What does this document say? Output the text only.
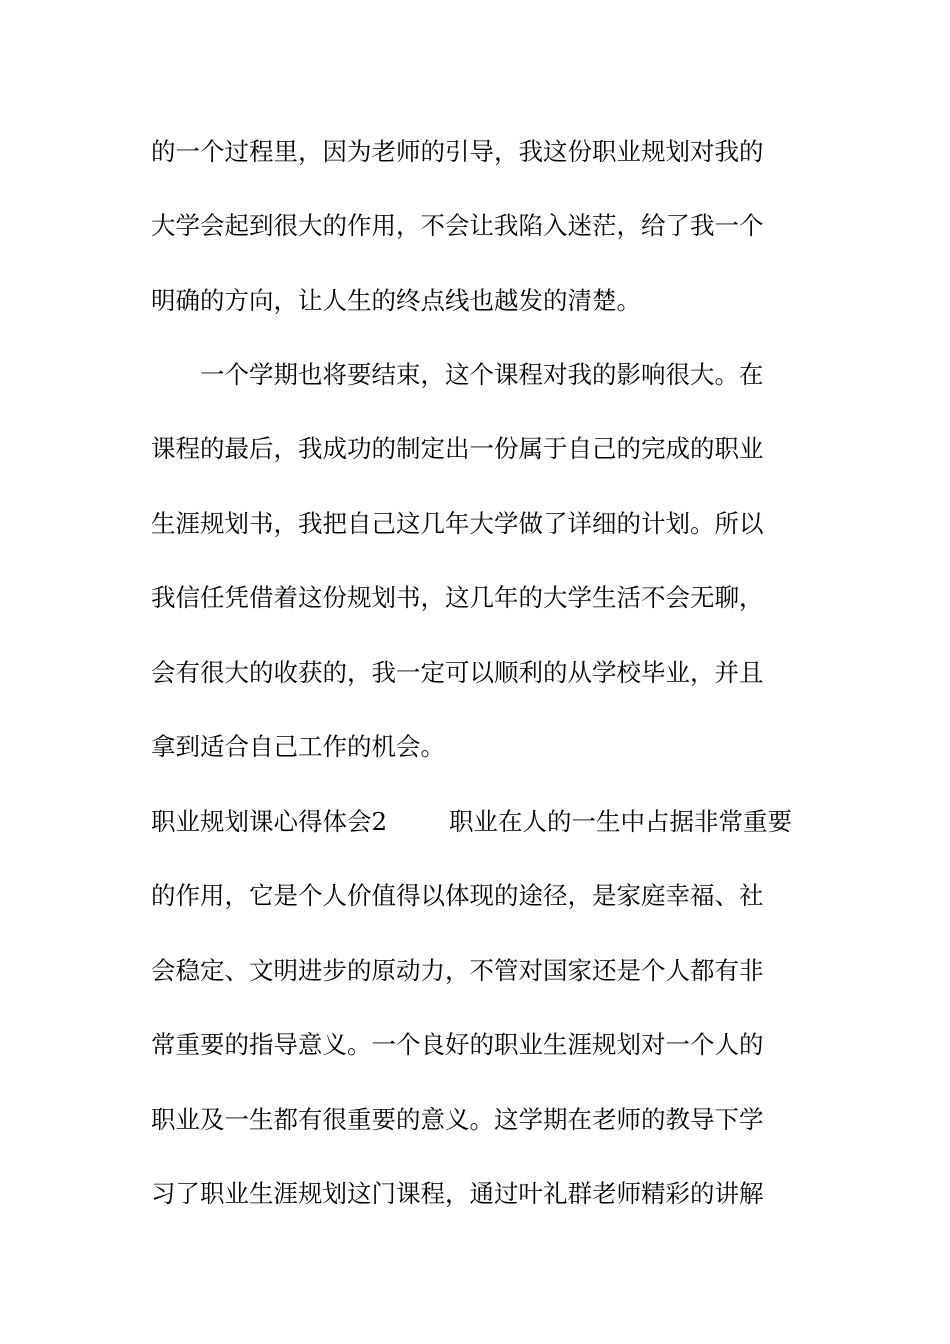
的一个过程里，因为老师的引导，我这份职业规划对我的
大学会起到很大的作用，不会让我陷入迷茫，给了我一个
明确的方向，让人生的终点线也越发的清楚。
　　一个学期也将要结束，这个课程对我的影响很大。在
课程的最后，我成功的制定出一份属于自己的完成的职业
生涯规划书，我把自己这几年大学做了详细的计划。所以
我信任凭借着这份规划书，这几年的大学生活不会无聊，
会有很大的收获的，我一定可以顺利的从学校毕业，并且
拿到适合自己工作的机会。
职业规划课心得体会2	职业在人的一生中占据非常重要
的作用，它是个人价值得以体现的途径，是家庭幸福、社
会稳定、文明进步的原动力，不管对国家还是个人都有非
常重要的指导意义。一个良好的职业生涯规划对一个人的
职业及一生都有很重要的意义。这学期在老师的教导下学
习了职业生涯规划这门课程，通过叶礼群老师精彩的讲解
